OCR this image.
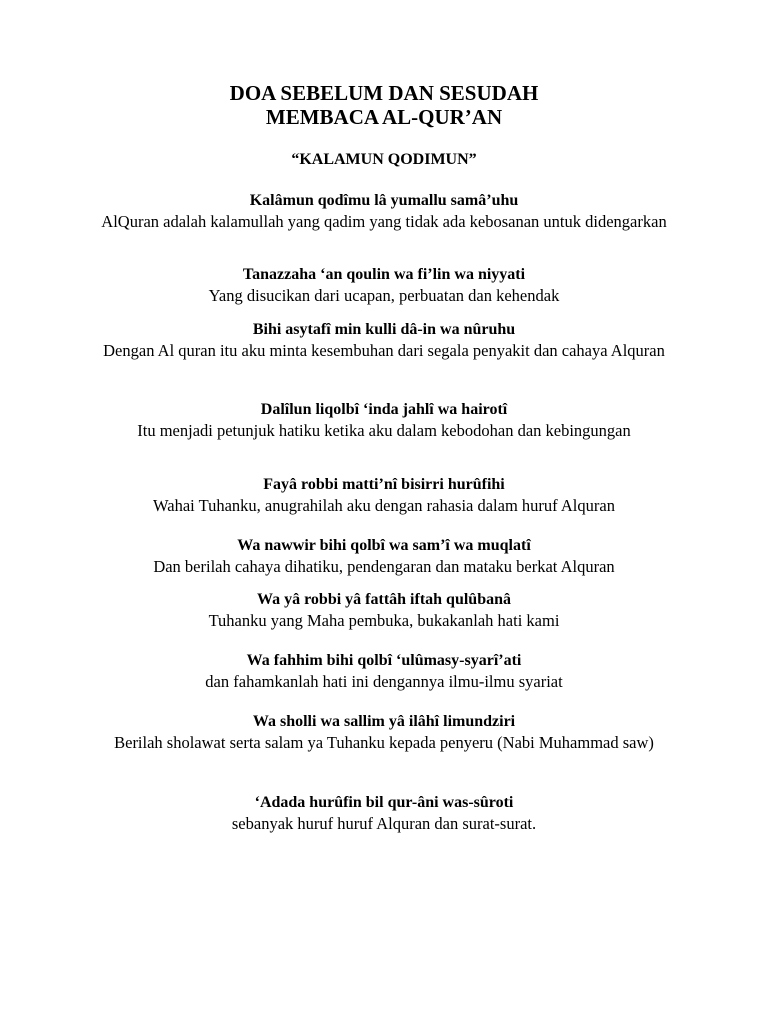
DOA SEBELUM DAN SESUDAH
MEMBACA AL-QUR’AN
“KALAMUN QODIMUN”
Kalâmun qodîmu lâ yumallu samâ’uhu
AlQuran adalah kalamullah yang qadim yang tidak ada kebosanan untuk didengarkan
Tanazzaha ‘an qoulin wa fi’lin wa niyyati
Yang disucikan dari ucapan, perbuatan dan kehendak
Bihi asytafî min kulli dâ-in wa nûruhu
Dengan Al quran itu aku minta kesembuhan dari segala penyakit dan cahaya Alquran
Dalîlun liqolbî ‘inda jahlî wa hairotî
Itu menjadi petunjuk hatiku ketika aku dalam kebodohan dan kebingungan
Fayâ robbi matti’nî bisirri hurûfihi
Wahai Tuhanku, anugrahilah aku dengan rahasia dalam huruf Alquran
Wa nawwir bihi qolbî wa sam’î wa muqlatî
Dan berilah cahaya dihatiku, pendengaran dan mataku berkat Alquran
Wa yâ robbi yâ fattâh iftah qulûbanâ
Tuhanku yang Maha pembuka, bukakanlah hati kami
Wa fahhim bihi qolbî ‘ulûmasy-syarî’ati
dan fahamkanlah hati ini dengannya ilmu-ilmu syariat
Wa sholli wa sallim yâ ilâhî limundziri
Berilah sholawat serta salam ya Tuhanku kepada penyeru (Nabi Muhammad saw)
‘Adada hurûfin bil qur-âni was-sûroti
sebanyak huruf huruf Alquran dan surat-surat.
